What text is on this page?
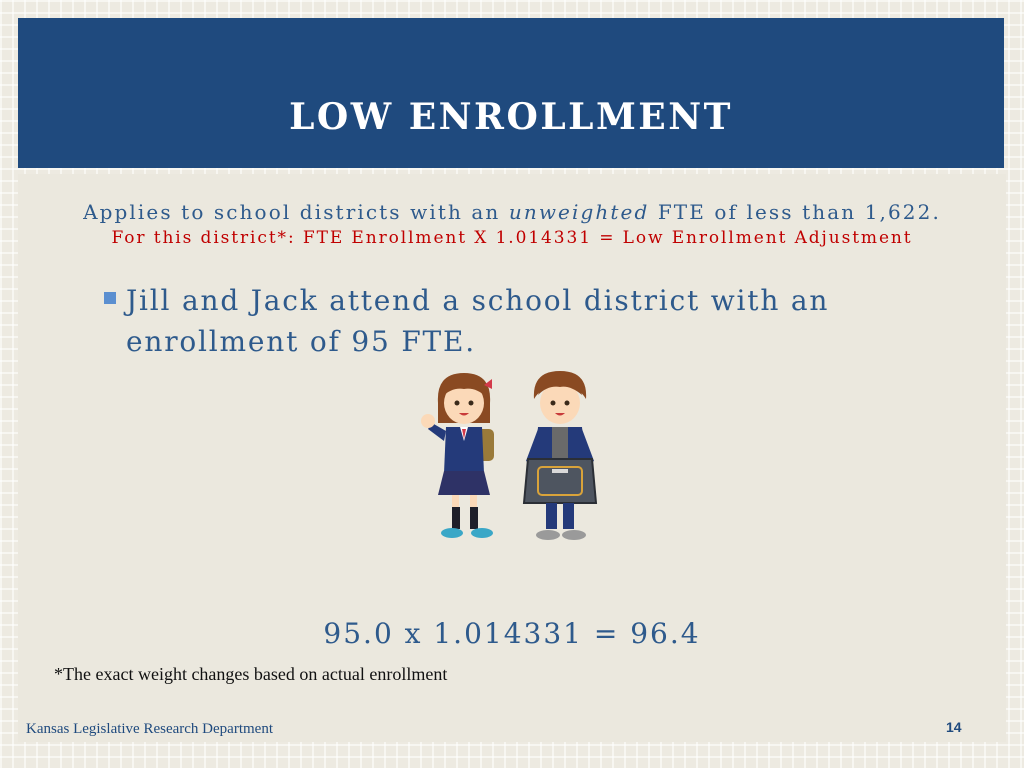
LOW ENROLLMENT
Applies to school districts with an unweighted FTE of less than 1,622.
For this district*: FTE Enrollment X 1.014331 = Low Enrollment Adjustment
Jill and Jack attend a school district with an enrollment of 95 FTE.
95.0 x 1.014331 = 96.4
*The exact weight changes based on actual enrollment
Kansas Legislative Research Department	14
